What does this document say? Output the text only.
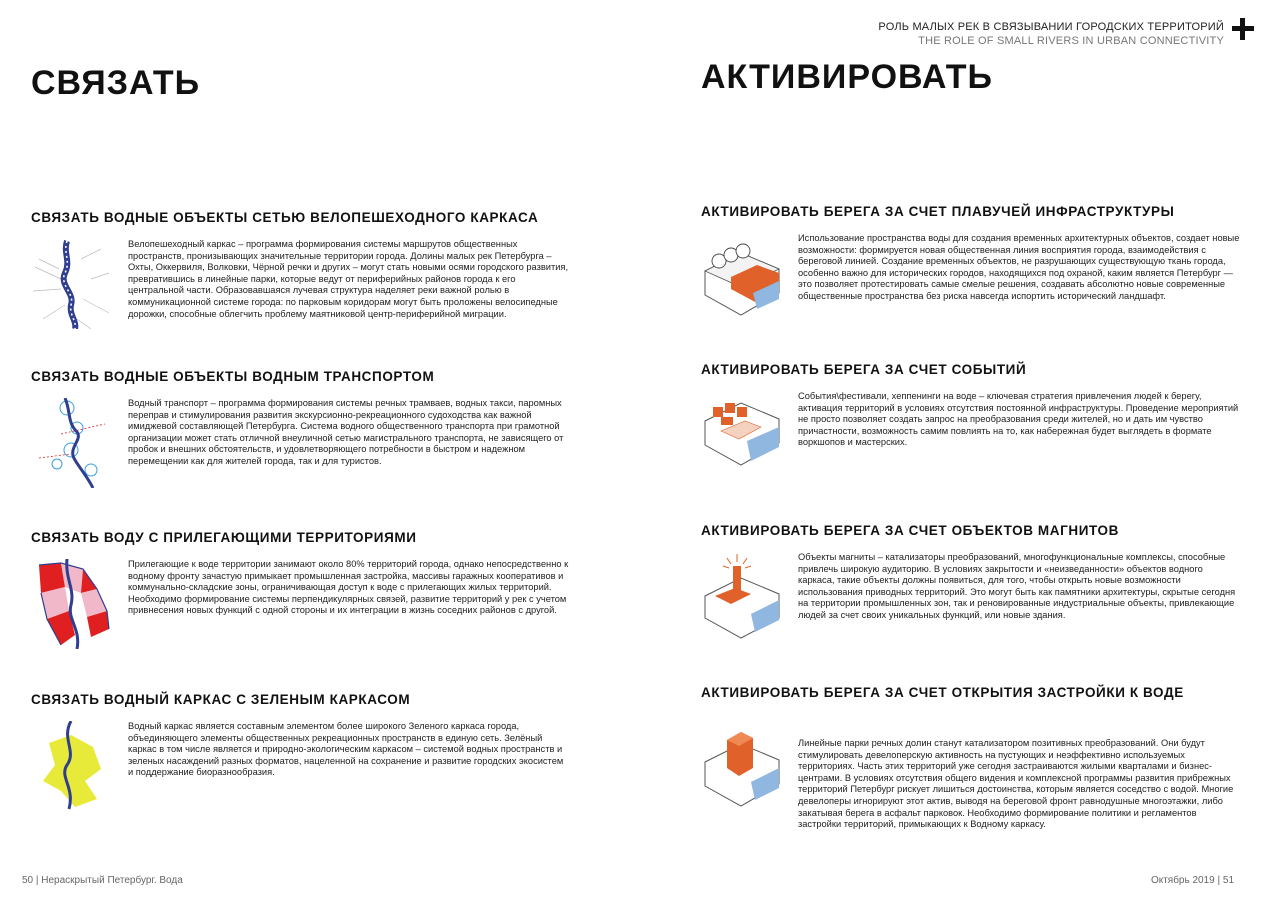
РОЛЬ МАЛЫХ РЕК В СВЯЗЫВАНИИ ГОРОДСКИХ ТЕРРИТОРИЙ
THE ROLE OF SMALL RIVERS IN URBAN CONNECTIVITY
СВЯЗАТЬ	АКТИВИРОВАТЬ
СВЯЗАТЬ ВОДНЫЕ ОБЪЕКТЫ СЕТЬЮ ВЕЛОПЕШЕХОДНОГО КАРКАСА
Велопешеходный каркас – программа формирования системы маршрутов общественных пространств, пронизывающих значительные территории города. Долины малых рек Петербурга – Охты, Оккервиля, Волковки, Чёрной речки и других – могут стать новыми осями городского развития, превратившись в линейные парки, которые ведут от периферийных районов города к его центральной части. Образовавшаяся лучевая структура наделяет реки важной ролью в коммуникационной системе города: по парковым коридорам могут быть проложены велосипедные дорожки, способные облегчить проблему маятниковой центр-периферийной миграции.
СВЯЗАТЬ ВОДНЫЕ ОБЪЕКТЫ ВОДНЫМ ТРАНСПОРТОМ
Водный транспорт – программа формирования системы речных трамваев, водных такси, паромных переправ и стимулирования развития экскурсионно-рекреационного судоходства как важной имиджевой составляющей Петербурга. Система водного общественного транспорта при грамотной организации может стать отличной внеуличной сетью магистрального транспорта, не зависящего от пробок и внешних обстоятельств, и удовлетворяющего потребности в быстром и надежном перемещении как для жителей города, так и для туристов.
СВЯЗАТЬ ВОДУ С ПРИЛЕГАЮЩИМИ ТЕРРИТОРИЯМИ
Прилегающие к воде территории занимают около 80% территорий города, однако непосредственно к водному фронту зачастую примыкает промышленная застройка, массивы гаражных кооперативов и коммунально-складские зоны, ограничивающая доступ к воде с прилегающих жилых территорий. Необходимо формирование системы перпендикулярных связей, развитие территорий у рек с учетом привнесения новых функций с одной стороны и их интеграции в жизнь соседних районов с другой.
СВЯЗАТЬ ВОДНЫЙ КАРКАС С ЗЕЛЕНЫМ КАРКАСОМ
Водный каркас является составным элементом более широкого Зеленого каркаса города, объединяющего элементы общественных рекреационных пространств в единую сеть. Зелёный каркас в том числе является и природно-экологическим каркасом – системой водных пространств и зеленых насаждений разных форматов, нацеленной на сохранение и развитие городских экосистем и поддержание биоразнообразия.
АКТИВИРОВАТЬ БЕРЕГА ЗА СЧЕТ ПЛАВУЧЕЙ ИНФРАСТРУКТУРЫ
Использование пространства воды для создания временных архитектурных объектов, создает новые возможности: формируется новая общественная линия восприятия города, взаимодействия с береговой линией. Создание временных объектов, не разрушающих существующую ткань города, особенно важно для исторических городов, находящихся под охраной, каким является Петербург — это позволяет протестировать самые смелые решения, создавать абсолютно новые современные общественные пространства без риска навсегда испортить исторический ландшафт.
АКТИВИРОВАТЬ БЕРЕГА ЗА СЧЕТ СОБЫТИЙ
События\фестивали, хеппенинги на воде – ключевая стратегия привлечения людей к берегу, активация территорий в условиях отсутствия постоянной инфраструктуры. Проведение мероприятий не просто позволяет создать запрос на преобразования среди жителей, но и дать им чувство причастности, возможность самим повлиять на то, как набережная будет выглядеть в формате воркшопов и мастерских.
АКТИВИРОВАТЬ БЕРЕГА ЗА СЧЕТ ОБЪЕКТОВ МАГНИТОВ
Объекты магниты – катализаторы преобразований, многофункциональные комплексы, способные привлечь широкую аудиторию. В условиях закрытости и «неизведанности» объектов водного каркаса, такие объекты должны появиться, для того, чтобы открыть новые возможности использования приводных территорий. Это могут быть как памятники архитектуры, скрытые сегодня на территории промышленных зон, так и реновированные индустриальные объекты, привлекающие людей за счет своих уникальных функций, или новые здания.
АКТИВИРОВАТЬ БЕРЕГА ЗА СЧЕТ ОТКРЫТИЯ ЗАСТРОЙКИ К ВОДЕ
Линейные парки речных долин станут катализатором позитивных преобразований. Они будут стимулировать девелоперскую активность на пустующих и неэффективно используемых территориях. Часть этих территорий уже сегодня застраиваются жилыми кварталами и бизнес-центрами. В условиях отсутствия общего видения и комплексной программы развития прибрежных территорий Петербург рискует лишиться достоинства, которым является соседство с водой. Многие девелоперы игнорируют этот актив, выводя на береговой фронт равнодушные многоэтажки, либо закатывая берега в асфальт парковок. Необходимо формирование политики и регламентов застройки территорий, примыкающих к Водному каркасу.
50 | Нераскрытый Петербург. Вода	Октябрь 2019 | 51
